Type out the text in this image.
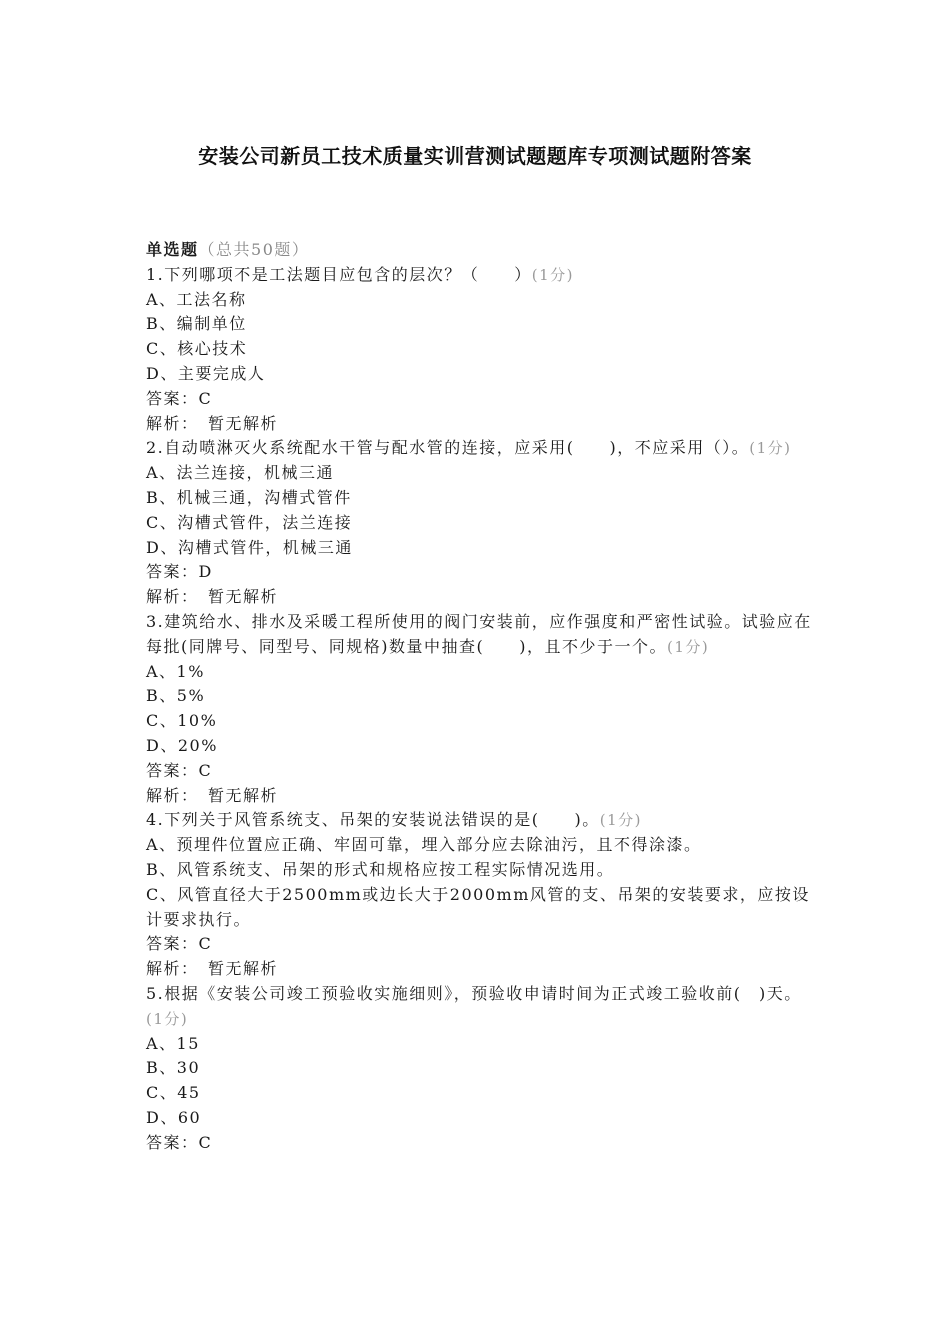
安装公司新员工技术质量实训营测试题题库专项测试题附答案
单选题（总共50题）
1.下列哪项不是工法题目应包含的层次？（　　）(1分)
A、工法名称
B、编制单位
C、核心技术
D、主要完成人
答案：C
解析：　 暂无解析
2.自动喷淋灭火系统配水干管与配水管的连接，应采用(　　)，不应采用（）。(1分)
A、法兰连接，机械三通
B、机械三通，沟槽式管件
C、沟槽式管件，法兰连接
D、沟槽式管件，机械三通
答案：D
解析：　 暂无解析
3.建筑给水、排水及采暖工程所使用的阀门安装前，应作强度和严密性试验。试验应在每批(同牌号、同型号、同规格)数量中抽查(　　)，且不少于一个。(1分)
A、1%
B、5%
C、10%
D、20%
答案：C
解析：　 暂无解析
4.下列关于风管系统支、吊架的安装说法错误的是(　　)。(1分)
A、预埋件位置应正确、牢固可靠，埋入部分应去除油污，且不得涂漆。
B、风管系统支、吊架的形式和规格应按工程实际情况选用。
C、风管直径大于2500mm或边长大于2000mm风管的支、吊架的安装要求，应按设计要求执行。
答案：C
解析：　 暂无解析
5.根据《安装公司竣工预验收实施细则》，预验收申请时间为正式竣工验收前(　)天。(1分)
A、15
B、30
C、45
D、60
答案：C
